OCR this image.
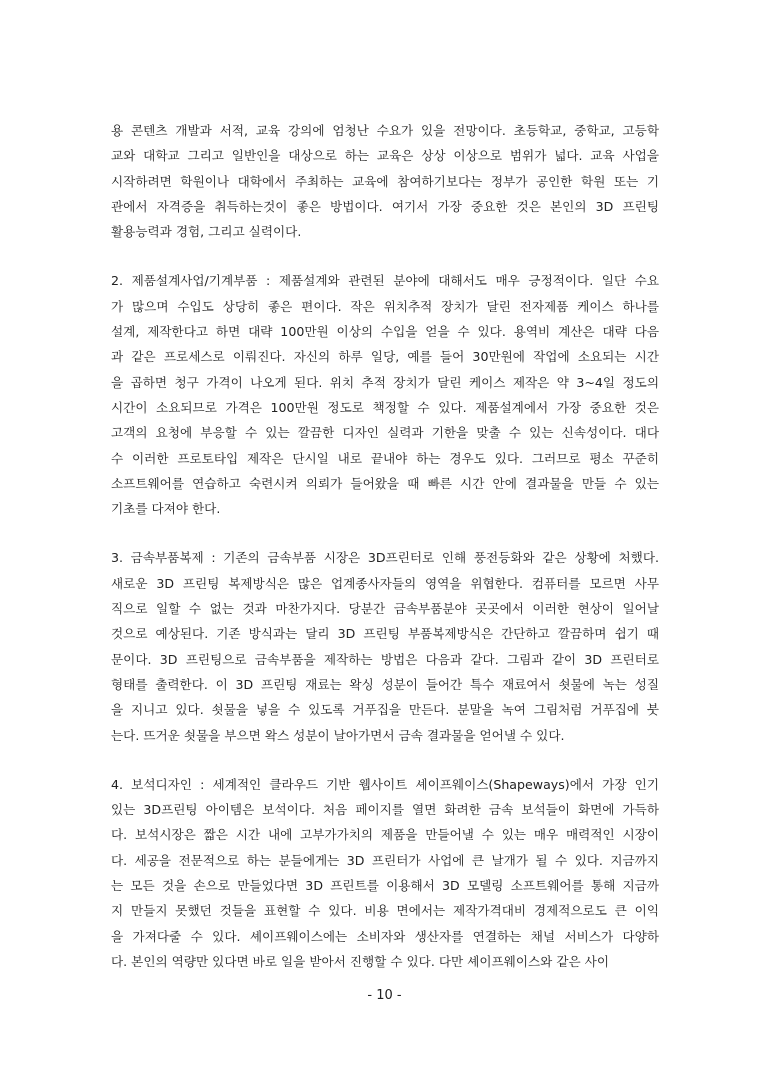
용 콘텐츠 개발과 서적, 교육 강의에 엄청난 수요가 있을 전망이다. 초등학교, 중학교, 고등학
교와 대학교 그리고 일반인을 대상으로 하는 교육은 상상 이상으로 범위가 넓다. 교육 사업을
시작하려면 학원이나 대학에서 주최하는 교육에 참여하기보다는 정부가 공인한 학원 또는 기
관에서 자격증을 취득하는것이 좋은 방법이다. 여기서 가장 중요한 것은 본인의 3D 프린팅
활용능력과 경험, 그리고 실력이다.
2. 제품설계사업/기계부품 : 제품설계와 관련된 분야에 대해서도 매우 긍정적이다. 일단 수요
가 많으며 수입도 상당히 좋은 편이다. 작은 위치추적 장치가 달린 전자제품 케이스 하나를
설계, 제작한다고 하면 대략 100만원 이상의 수입을 얻을 수 있다. 용역비 계산은 대략 다음
과 같은 프로세스로 이뤄진다. 자신의 하루 일당, 예를 들어 30만원에 작업에 소요되는 시간
을 곱하면 청구 가격이 나오게 된다. 위치 추적 장치가 달린 케이스 제작은 약 3~4일 정도의
시간이 소요되므로 가격은 100만원 정도로 책정할 수 있다. 제품설계에서 가장 중요한 것은
고객의 요청에 부응할 수 있는 깔끔한 디자인 실력과 기한을 맞출 수 있는 신속성이다. 대다
수 이러한 프로토타입 제작은 단시일 내로 끝내야 하는 경우도 있다. 그러므로 평소 꾸준히
소프트웨어를 연습하고 숙련시켜 의뢰가 들어왔을 때 빠른 시간 안에 결과물을 만들 수 있는
기초를 다져야 한다.
3. 금속부품복제 : 기존의 금속부품 시장은 3D프린터로 인해 풍전등화와 같은 상황에 처했다.
새로운 3D 프린팅 복제방식은 많은 업계종사자들의 영역을 위협한다. 컴퓨터를 모르면 사무
직으로 일할 수 없는 것과 마찬가지다. 당분간 금속부품분야 곳곳에서 이러한 현상이 일어날
것으로 예상된다. 기존 방식과는 달리 3D 프린팅 부품복제방식은 간단하고 깔끔하며 쉽기 때
문이다. 3D 프린팅으로 금속부품을 제작하는 방법은 다음과 같다. 그림과 같이 3D 프린터로
형태를 출력한다. 이 3D 프린팅 재료는 왁싱 성분이 들어간 특수 재료여서 쇳물에 녹는 성질
을 지니고 있다. 쇳물을 넣을 수 있도록 거푸집을 만든다. 분말을 녹여 그림처럼 거푸집에 붓
는다. 뜨거운 쇳물을 부으면 왁스 성분이 날아가면서 금속 결과물을 얻어낼 수 있다.
4. 보석디자인 : 세계적인 클라우드 기반 웹사이트 셰이프웨이스(Shapeways)에서 가장 인기
있는 3D프린팅 아이템은 보석이다. 처음 페이지를 열면 화려한 금속 보석들이 화면에 가득하
다. 보석시장은 짧은 시간 내에 고부가가치의 제품을 만들어낼 수 있는 매우 매력적인 시장이
다. 세공을 전문적으로 하는 분들에게는 3D 프린터가 사업에 큰 날개가 될 수 있다. 지금까지
는 모든 것을 손으로 만들었다면 3D 프린트를 이용해서 3D 모델링 소프트웨어를 통해 지금까
지 만들지 못했던 것들을 표현할 수 있다. 비용 면에서는 제작가격대비 경제적으로도 큰 이익
을 가져다줄 수 있다. 셰이프웨이스에는 소비자와 생산자를 연결하는 채널 서비스가 다양하
다. 본인의 역량만 있다면 바로 일을 받아서 진행할 수 있다. 다만 셰이프웨이스와 같은 사이
- 10 -
